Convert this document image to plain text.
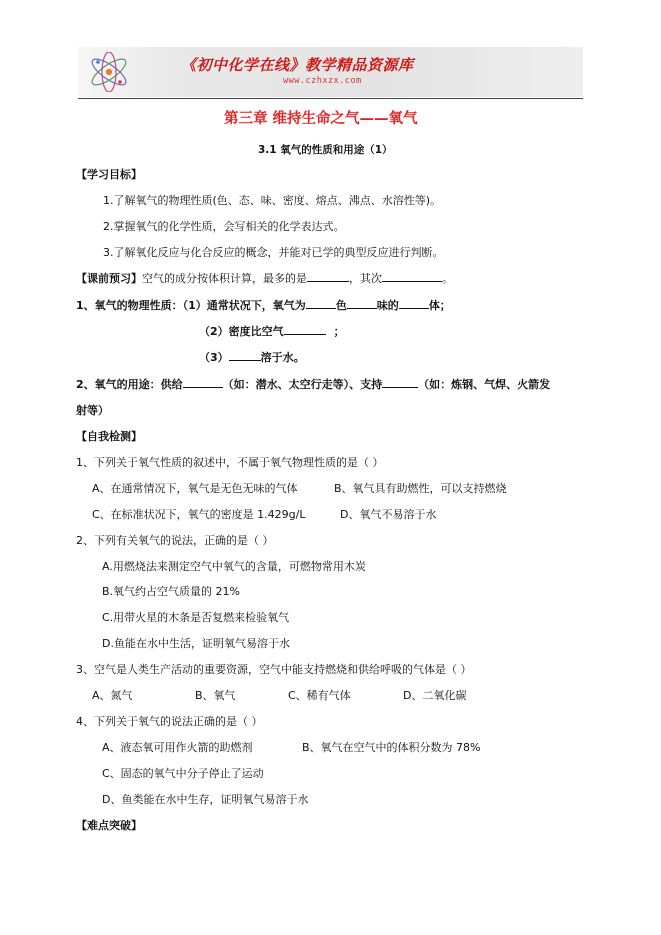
《初中化学在线》教学精品资源库
www.czhxzx.com
第三章 维持生命之气——氧气
3.1 氧气的性质和用途（1）
【学习目标】
1.了解氧气的物理性质(色、态、味、密度、熔点、沸点、水溶性等)。
2.掌握氧气的化学性质，会写相关的化学表达式。
3.了解氧化反应与化合反应的概念，并能对已学的典型反应进行判断。
【课前预习】空气的成分按体积计算，最多的是	，其次	。
1、氧气的物理性质：（1）通常状况下，氧气为	色	味的	体；
（2）密度比空气	；
（3）	溶于水。
2、氧气的用途：供给	（如：潜水、太空行走等）、支持	（如：炼钢、气焊、火箭发
射等）
【自我检测】
1、下列关于氧气性质的叙述中，不属于氧气物理性质的是（ ）
A、在通常情况下，氧气是无色无味的气体	B、氧气具有助燃性，可以支持燃烧
C、在标准状况下，氧气的密度是 1.429g/L	D、氧气不易溶于水
2、下列有关氧气的说法，正确的是（ ）
A.用燃烧法来测定空气中氧气的含量，可燃物常用木炭
B.氧气约占空气质量的 21%
C.用带火星的木条是否复燃来检验氧气
D.鱼能在水中生活，证明氧气易溶于水
3、空气是人类生产活动的重要资源，空气中能支持燃烧和供给呼吸的气体是（ ）
A、氮气	B、氧气	C、稀有气体	D、二氧化碳
4、下列关于氧气的说法正确的是（ ）
A、液态氧可用作火箭的助燃剂	B、氧气在空气中的体积分数为 78%
C、固态的氧气中分子停止了运动
D、鱼类能在水中生存，证明氧气易溶于水
【难点突破】
